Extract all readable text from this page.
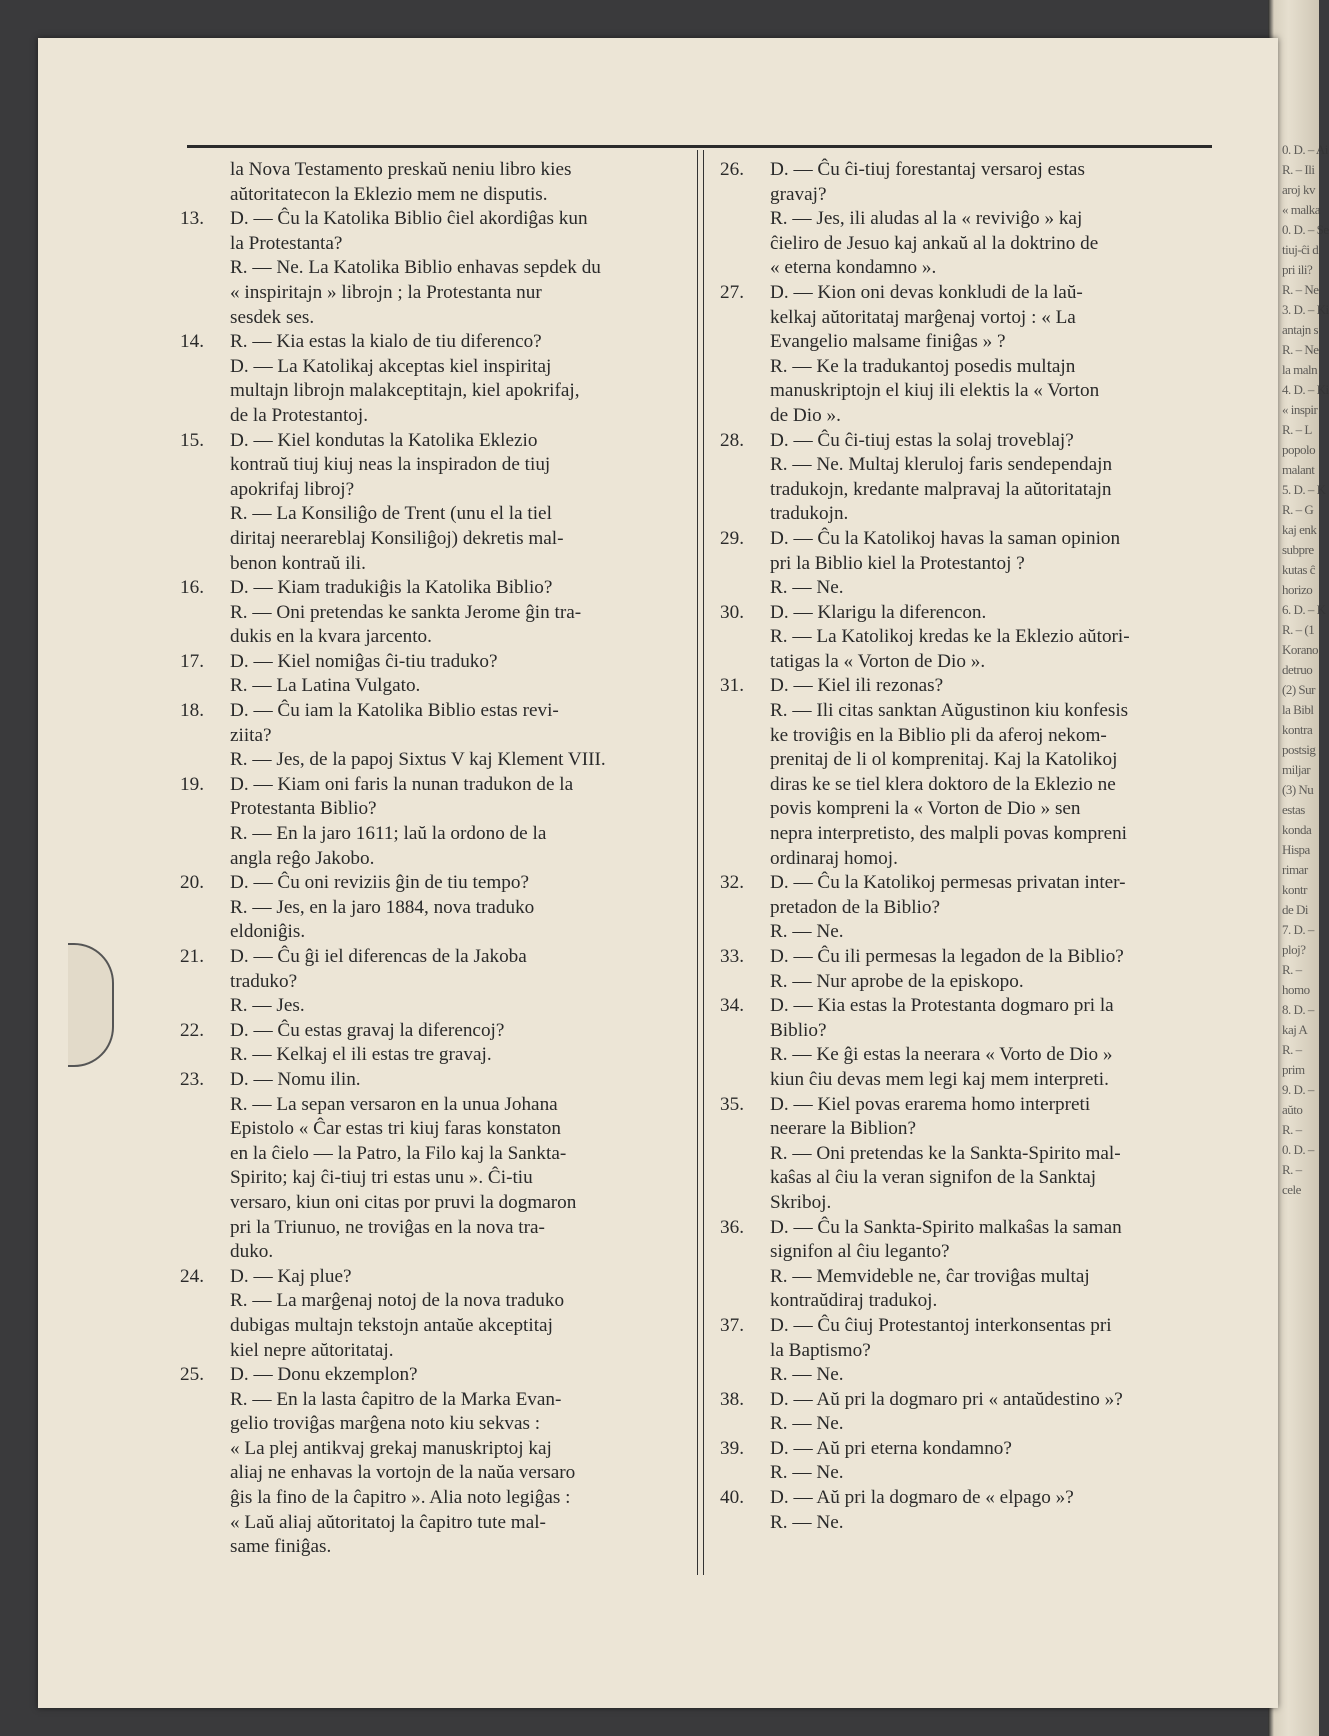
0. D. – Ai
R. – Ili
aroj kv
« malka
0. D. – Se
tiuj-ĉi d
pri ili?
R. – Ne
3. D. – Ki
antajn s
R. – Ne
la maln
4. D. – Ki
« inspir
R. – L
popolo
malant
5. D. – K
R. – G
kaj enk
subpre
kutas ĉ
horizo
6. D. – K
R. – (1
Korano
detruo
(2) Sur
la Bibl
kontra
postsig
miljar
(3) Nu
estas
konda
Hispa
rimar
kontr
de Di
7. D. –
ploj?
R. –
homo
8. D. –
kaj A
R. –
prim
9. D. –
aŭto
R. –
0. D. –
R. –
cele
la Nova Testamento preskaŭ neniu libro kies
aŭtoritatecon la Eklezio mem ne disputis.
13.	D. — Ĉu la Katolika Biblio ĉiel akordiĝas kun
la Protestanta?
R. — Ne. La Katolika Biblio enhavas sepdek du
« inspiritajn » librojn ; la Protestanta nur
sesdek ses.
14.	R. — Kia estas la kialo de tiu diferenco?
D. — La Katolikaj akceptas kiel inspiritaj
multajn librojn malakceptitajn, kiel apokrifaj,
de la Protestantoj.
15.	D. — Kiel kondutas la Katolika Eklezio
kontraŭ tiuj kiuj neas la inspiradon de tiuj
apokrifaj libroj?
R. — La Konsiliĝo de Trent (unu el la tiel
diritaj neerareblaj Konsiliĝoj) dekretis mal-
benon kontraŭ ili.
16.	D. — Kiam tradukiĝis la Katolika Biblio?
R. — Oni pretendas ke sankta Jerome ĝin tra-
dukis en la kvara jarcento.
17.	D. — Kiel nomiĝas ĉi-tiu traduko?
R. — La Latina Vulgato.
18.	D. — Ĉu iam la Katolika Biblio estas revi-
ziita?
R. — Jes, de la papoj Sixtus V kaj Klement VIII.
19.	D. — Kiam oni faris la nunan tradukon de la
Protestanta Biblio?
R. — En la jaro 1611; laŭ la ordono de la
angla reĝo Jakobo.
20.	D. — Ĉu oni reviziis ĝin de tiu tempo?
R. — Jes, en la jaro 1884, nova traduko
eldoniĝis.
21.	D. — Ĉu ĝi iel diferencas de la Jakoba
traduko?
R. — Jes.
22.	D. — Ĉu estas gravaj la diferencoj?
R. — Kelkaj el ili estas tre gravaj.
23.	D. — Nomu ilin.
R. — La sepan versaron en la unua Johana
Epistolo « Ĉar estas tri kiuj faras konstaton
en la ĉielo — la Patro, la Filo kaj la Sankta-
Spirito; kaj ĉi-tiuj tri estas unu ». Ĉi-tiu
versaro, kiun oni citas por pruvi la dogmaron
pri la Triunuo, ne troviĝas en la nova tra-
duko.
24.	D. — Kaj plue?
R. — La marĝenaj notoj de la nova traduko
dubigas multajn tekstojn antaŭe akceptitaj
kiel nepre aŭtoritataj.
25.	D. — Donu ekzemplon?
R. — En la lasta ĉapitro de la Marka Evan-
gelio troviĝas marĝena noto kiu sekvas :
« La plej antikvaj grekaj manuskriptoj kaj
aliaj ne enhavas la vortojn de la naŭa versaro
ĝis la fino de la ĉapitro ». Alia noto legiĝas :
« Laŭ aliaj aŭtoritatoj la ĉapitro tute mal-
same finiĝas.
26.	D. — Ĉu ĉi-tiuj forestantaj versaroj estas
gravaj?
R. — Jes, ili aludas al la « reviviĝo » kaj
ĉieliro de Jesuo kaj ankaŭ al la doktrino de
« eterna kondamno ».
27.	D. — Kion oni devas konkludi de la laŭ-
kelkaj aŭtoritataj marĝenaj vortoj : « La
Evangelio malsame finiĝas » ?
R. — Ke la tradukantoj posedis multajn
manuskriptojn el kiuj ili elektis la « Vorton
de Dio ».
28.	D. — Ĉu ĉi-tiuj estas la solaj troveblaj?
R. — Ne. Multaj kleruloj faris sendependajn
tradukojn, kredante malpravaj la aŭtoritatajn
tradukojn.
29.	D. — Ĉu la Katolikoj havas la saman opinion
pri la Biblio kiel la Protestantoj ?
R. — Ne.
30.	D. — Klarigu la diferencon.
R. — La Katolikoj kredas ke la Eklezio aŭtori-
tatigas la « Vorton de Dio ».
31.	D. — Kiel ili rezonas?
R. — Ili citas sanktan Aŭgustinon kiu konfesis
ke troviĝis en la Biblio pli da aferoj nekom-
prenitaj de li ol komprenitaj. Kaj la Katolikoj
diras ke se tiel klera doktoro de la Eklezio ne
povis kompreni la « Vorton de Dio » sen
nepra interpretisto, des malpli povas kompreni
ordinaraj homoj.
32.	D. — Ĉu la Katolikoj permesas privatan inter-
pretadon de la Biblio?
R. — Ne.
33.	D. — Ĉu ili permesas la legadon de la Biblio?
R. — Nur aprobe de la episkopo.
34.	D. — Kia estas la Protestanta dogmaro pri la
Biblio?
R. — Ke ĝi estas la neerara « Vorto de Dio »
kiun ĉiu devas mem legi kaj mem interpreti.
35.	D. — Kiel povas erarema homo interpreti
neerare la Biblion?
R. — Oni pretendas ke la Sankta-Spirito mal-
kaŝas al ĉiu la veran signifon de la Sanktaj
Skriboj.
36.	D. — Ĉu la Sankta-Spirito malkaŝas la saman
signifon al ĉiu leganto?
R. — Memvideble ne, ĉar troviĝas multaj
kontraŭdiraj tradukoj.
37.	D. — Ĉu ĉiuj Protestantoj interkonsentas pri
la Baptismo?
R. — Ne.
38.	D. — Aŭ pri la dogmaro pri « antaŭdestino »?
R. — Ne.
39.	D. — Aŭ pri eterna kondamno?
R. — Ne.
40.	D. — Aŭ pri la dogmaro de « elpago »?
R. — Ne.
